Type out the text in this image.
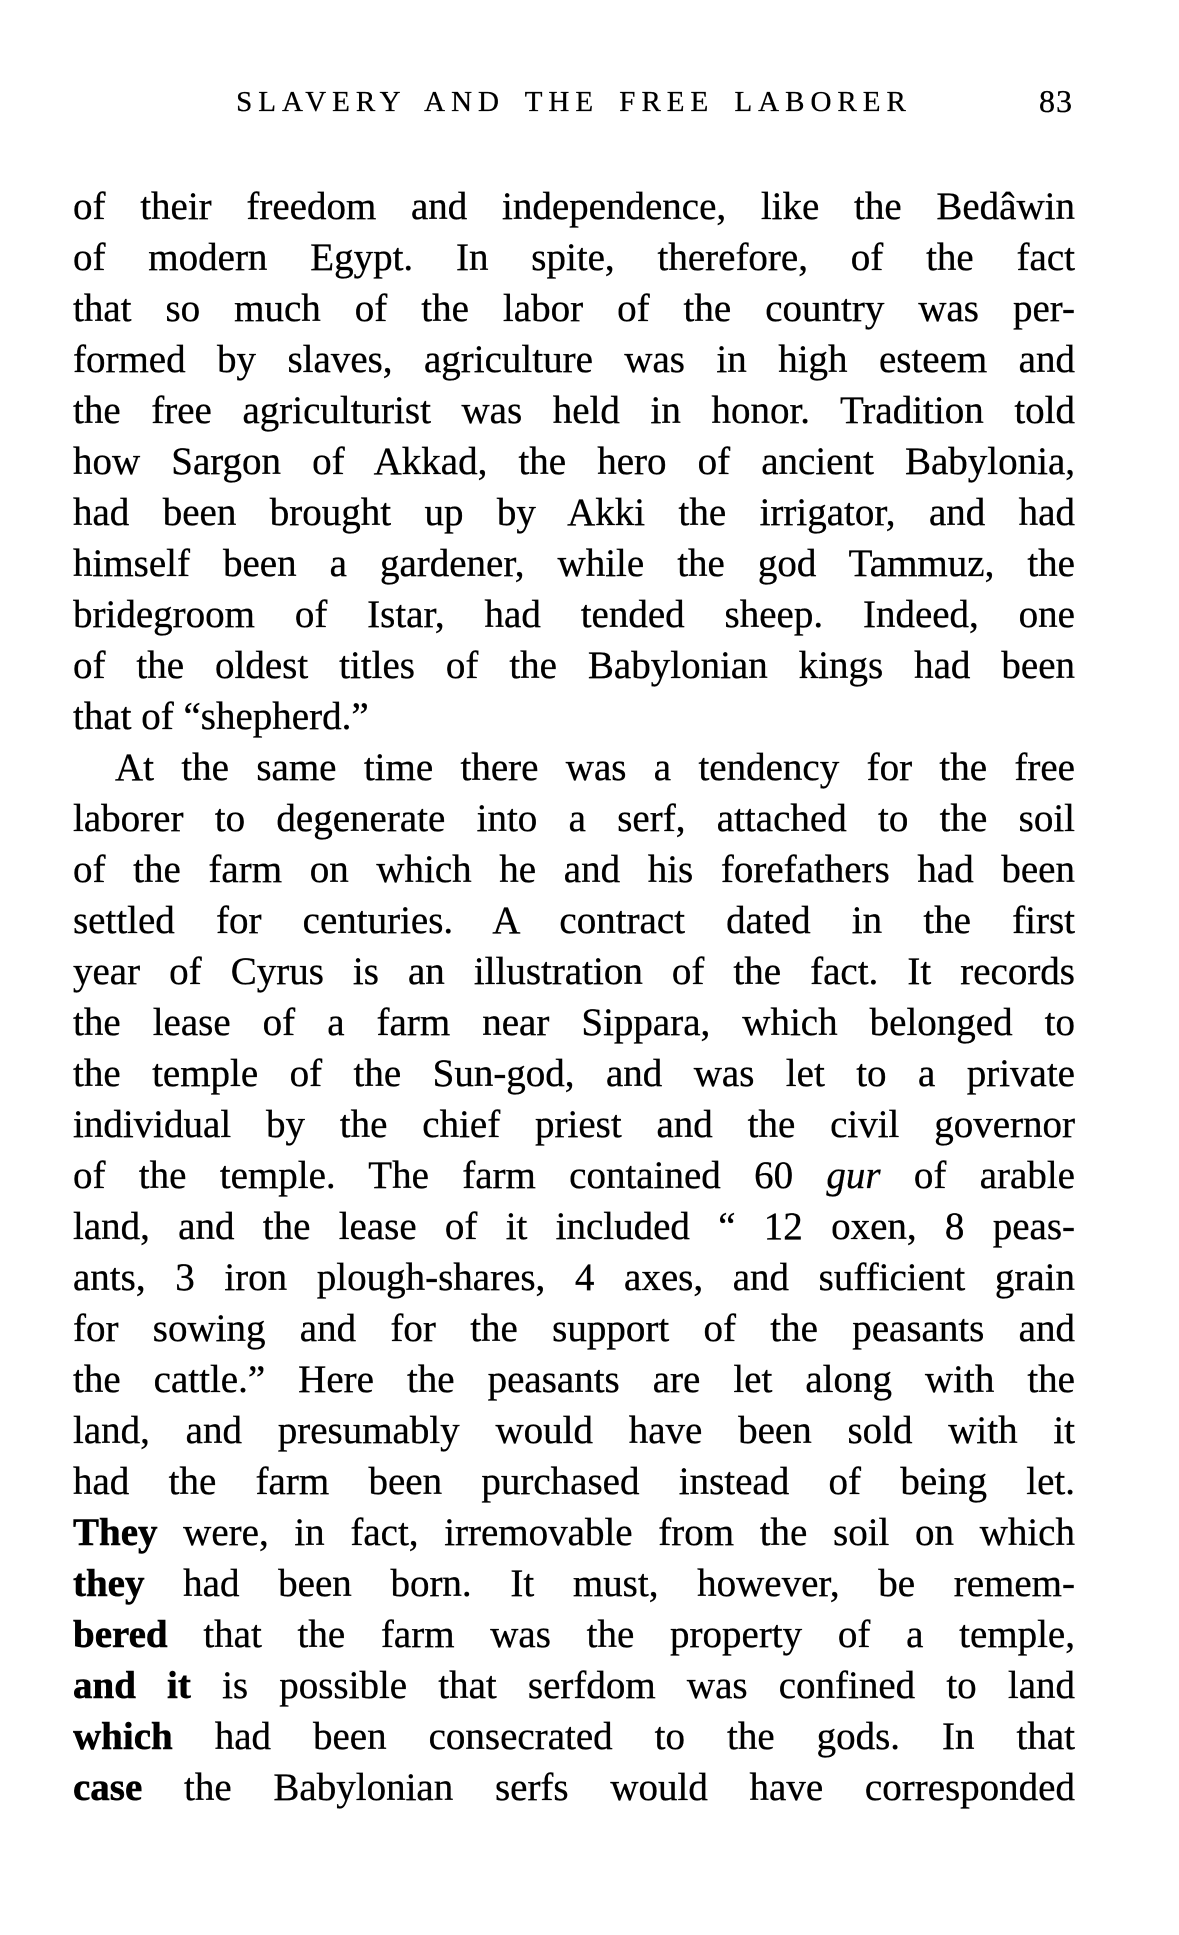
SLAVERY AND THE FREE LABORER	83
of their freedom and independence, like the Bedâwin
of modern Egypt. In spite, therefore, of the fact
that so much of the labor of the country was per-
formed by slaves, agriculture was in high esteem and
the free agriculturist was held in honor. Tradition told
how Sargon of Akkad, the hero of ancient Babylonia,
had been brought up by Akki the irrigator, and had
himself been a gardener, while the god Tammuz, the
bridegroom of Istar, had tended sheep. Indeed, one
of the oldest titles of the Babylonian kings had been
that of “shepherd.”
At the same time there was a tendency for the free
laborer to degenerate into a serf, attached to the soil
of the farm on which he and his forefathers had been
settled for centuries. A contract dated in the first
year of Cyrus is an illustration of the fact. It records
the lease of a farm near Sippara, which belonged to
the temple of the Sun-god, and was let to a private
individual by the chief priest and the civil governor
of the temple. The farm contained 60 gur of arable
land, and the lease of it included “ 12 oxen, 8 peas-
ants, 3 iron plough-shares, 4 axes, and sufficient grain
for sowing and for the support of the peasants and
the cattle.” Here the peasants are let along with the
land, and presumably would have been sold with it
had the farm been purchased instead of being let.
They were, in fact, irremovable from the soil on which
they had been born. It must, however, be remem-
bered that the farm was the property of a temple,
and it is possible that serfdom was confined to land
which had been consecrated to the gods. In that
case the Babylonian serfs would have corresponded
